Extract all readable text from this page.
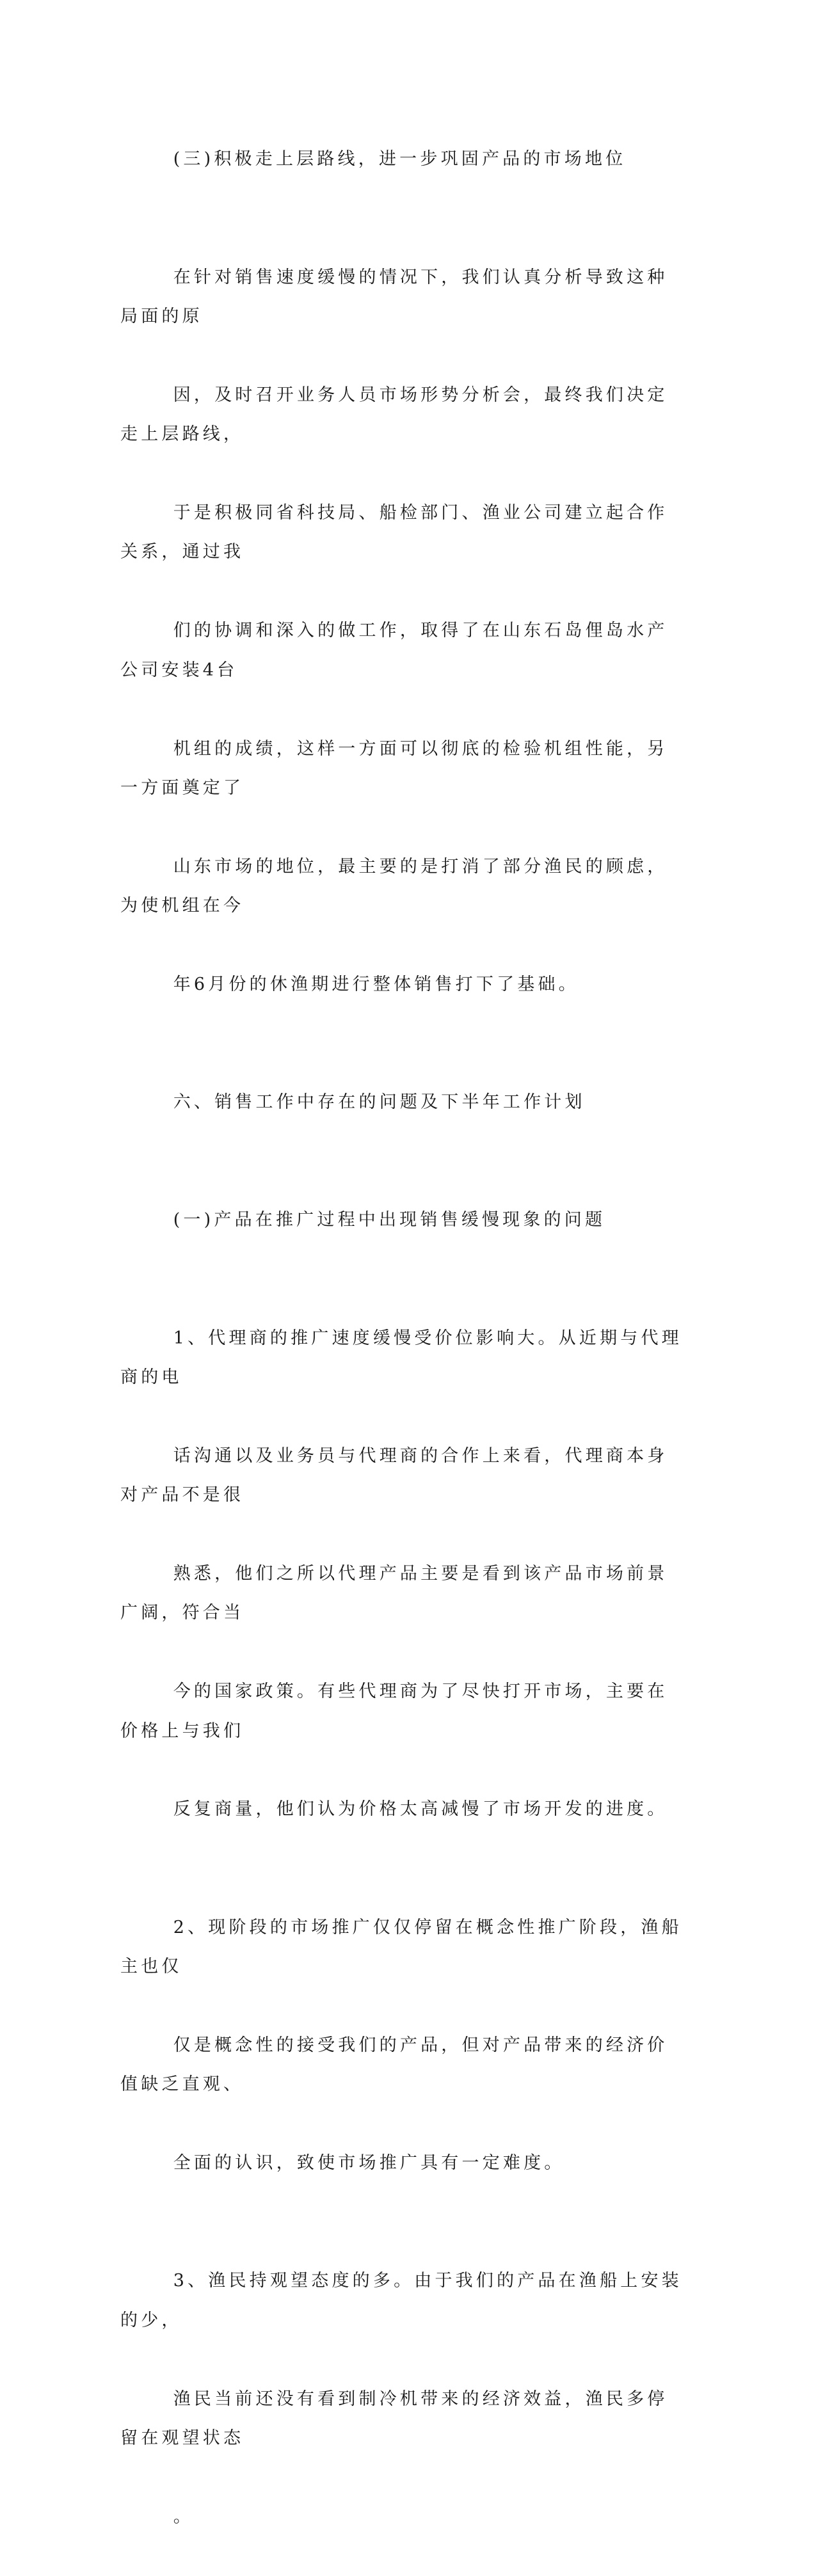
(三)积极走上层路线，进一步巩固产品的市场地位

在针对销售速度缓慢的情况下，我们认真分析导致这种局面的原

因，及时召开业务人员市场形势分析会，最终我们决定走上层路线，

于是积极同省科技局、船检部门、渔业公司建立起合作关系，通过我

们的协调和深入的做工作，取得了在山东石岛俚岛水产公司安装4台

机组的成绩，这样一方面可以彻底的检验机组性能，另一方面奠定了

山东市场的地位，最主要的是打消了部分渔民的顾虑，为使机组在今

年6月份的休渔期进行整体销售打下了基础。

六、销售工作中存在的问题及下半年工作计划

(一)产品在推广过程中出现销售缓慢现象的问题

1、代理商的推广速度缓慢受价位影响大。从近期与代理商的电

话沟通以及业务员与代理商的合作上来看，代理商本身对产品不是很

熟悉，他们之所以代理产品主要是看到该产品市场前景广阔，符合当

今的国家政策。有些代理商为了尽快打开市场，主要在价格上与我们

反复商量，他们认为价格太高减慢了市场开发的进度。

2、现阶段的市场推广仅仅停留在概念性推广阶段，渔船主也仅

仅是概念性的接受我们的产品，但对产品带来的经济价值缺乏直观、

全面的认识，致使市场推广具有一定难度。

3、渔民持观望态度的多。由于我们的产品在渔船上安装的少，

渔民当前还没有看到制冷机带来的经济效益，渔民多停留在观望状态

。
